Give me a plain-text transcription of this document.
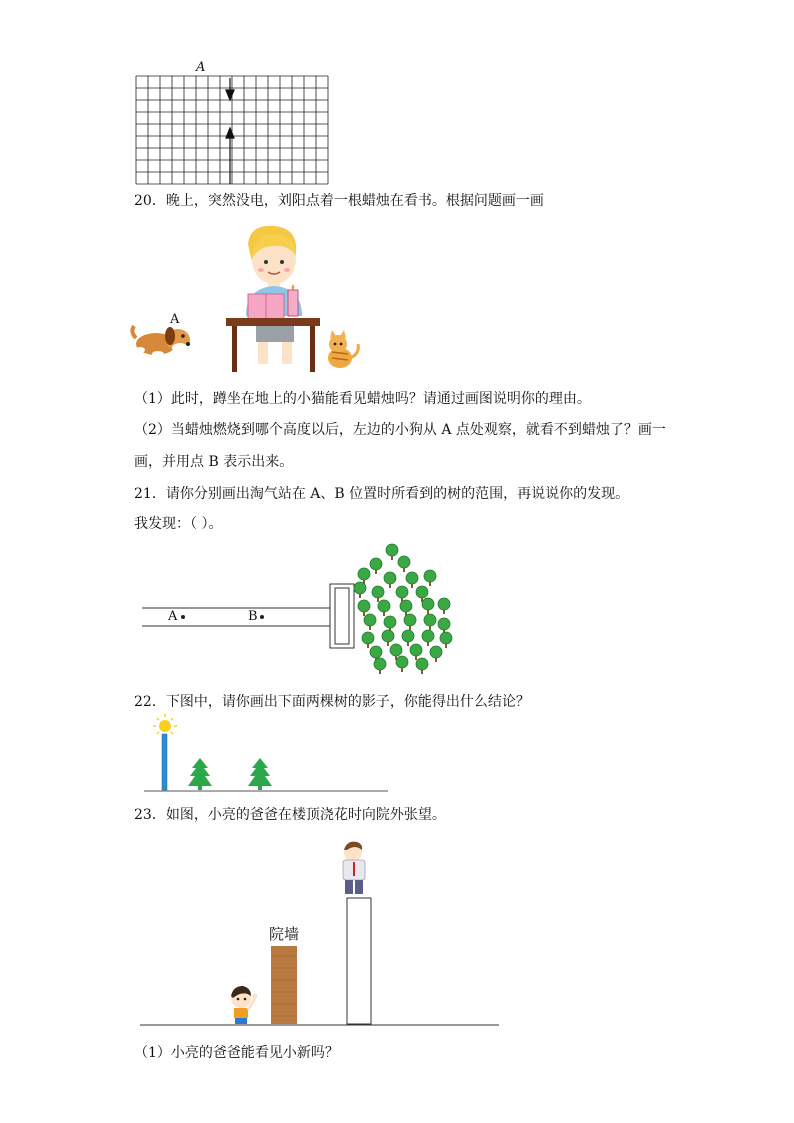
A
20．晚上，突然没电，刘阳点着一根蜡烛在看书。根据问题画一画
A
（1）此时，蹲坐在地上的小猫能看见蜡烛吗？请通过画图说明你的理由。
（2）当蜡烛燃烧到哪个高度以后，左边的小狗从 A 点处观察，就看不到蜡烛了？画一
画，并用点 B 表示出来。
21．请你分别画出淘气站在 A、B 位置时所看到的树的范围，再说说你的发现。
我发现：（ ）。
A	B
22．下图中，请你画出下面两棵树的影子，你能得出什么结论？
23．如图，小亮的爸爸在楼顶浇花时向院外张望。
院墙
（1）小亮的爸爸能看见小新吗？
